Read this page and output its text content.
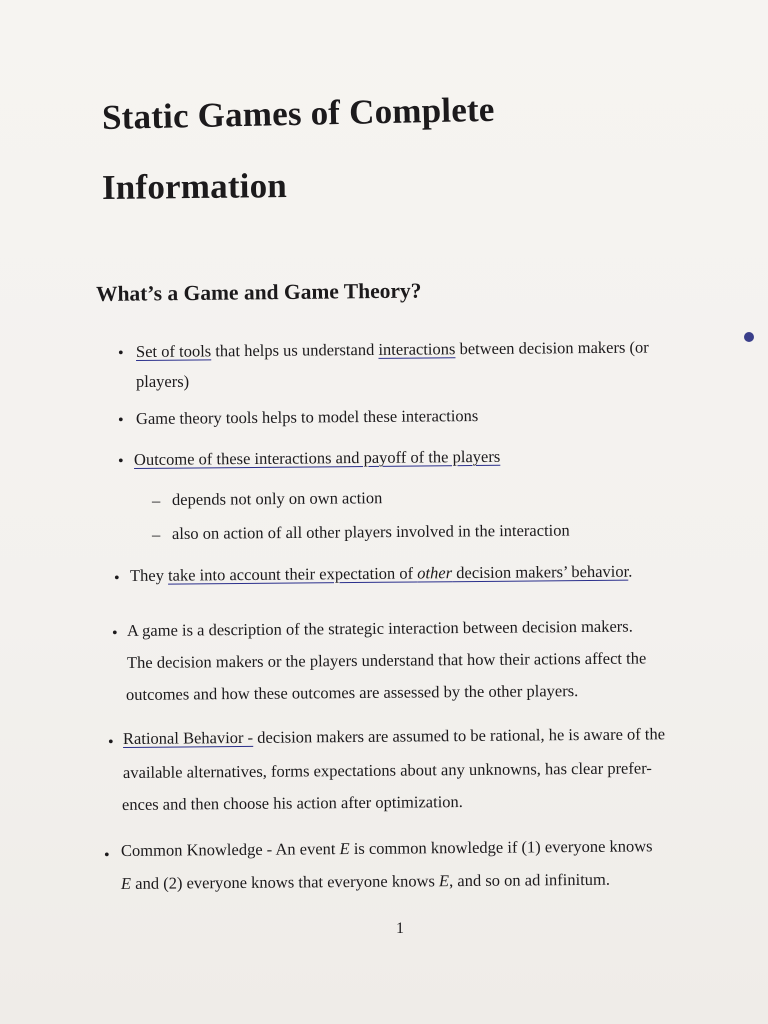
Static Games of Complete
Information
What’s a Game and Game Theory?
• Set of tools that helps us understand interactions between decision makers (or
players)
• Game theory tools helps to model these interactions
• Outcome of these interactions and payoff of the players
– depends not only on own action
– also on action of all other players involved in the interaction
• They take into account their expectation of other decision makers’ behavior.
• A game is a description of the strategic interaction between decision makers.
The decision makers or the players understand that how their actions affect the
outcomes and how these outcomes are assessed by the other players.
• Rational Behavior - decision makers are assumed to be rational, he is aware of the
available alternatives, forms expectations about any unknowns, has clear prefer-
ences and then choose his action after optimization.
• Common Knowledge - An event E is common knowledge if (1) everyone knows
E and (2) everyone knows that everyone knows E, and so on ad infinitum.
1
